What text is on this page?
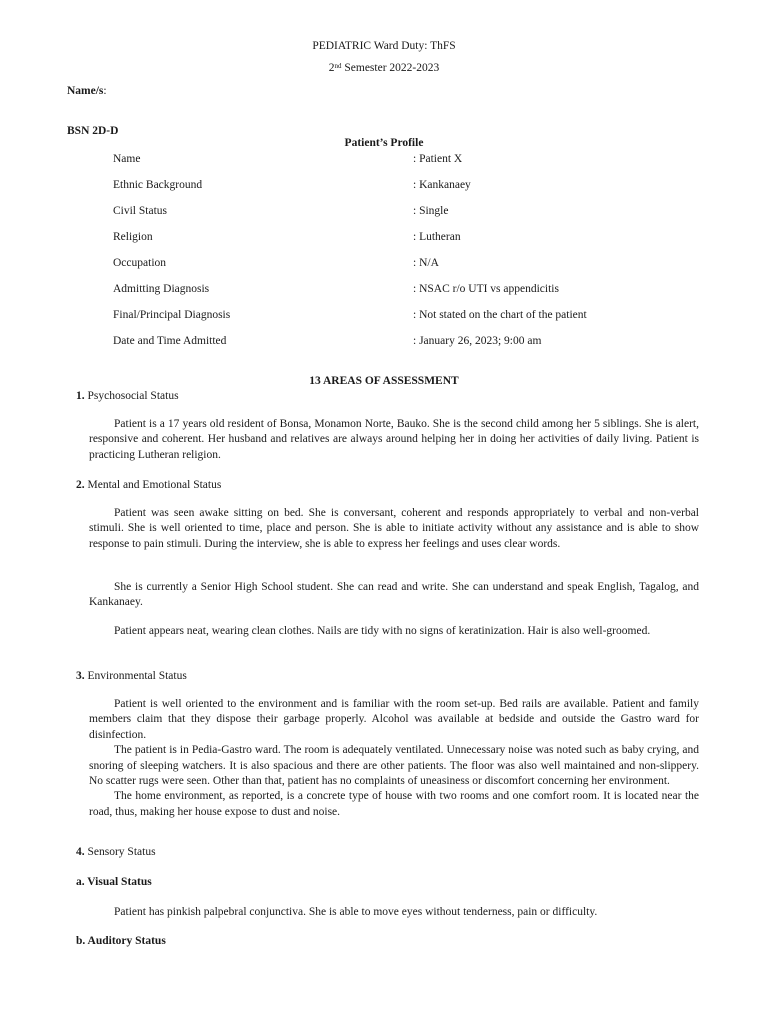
PEDIATRIC Ward Duty: ThFS
2nd Semester 2022-2023
Name/s:
BSN 2D-D
Patient’s Profile
Name	: Patient X
Ethnic Background	: Kankanaey
Civil Status	: Single
Religion	: Lutheran
Occupation	: N/A
Admitting Diagnosis	: NSAC r/o UTI vs appendicitis
Final/Principal Diagnosis	: Not stated on the chart of the patient
Date and Time Admitted	: January 26, 2023; 9:00 am
13 AREAS OF ASSESSMENT
1. Psychosocial Status

Patient is a 17 years old resident of Bonsa, Monamon Norte, Bauko. She is the second child among her 5 siblings. She is alert, responsive and coherent. Her husband and relatives are always around helping her in doing her activities of daily living. Patient is practicing Lutheran religion.

2. Mental and Emotional Status

Patient was seen awake sitting on bed. She is conversant, coherent and responds appropriately to verbal and non-verbal stimuli. She is well oriented to time, place and person. She is able to initiate activity without any assistance and is able to show response to pain stimuli. During the interview, she is able to express her feelings and uses clear words.

She is currently a Senior High School student. She can read and write. She can understand and speak English, Tagalog, and Kankanaey.

Patient appears neat, wearing clean clothes. Nails are tidy with no signs of keratinization. Hair is also well-groomed.

3. Environmental Status

Patient is well oriented to the environment and is familiar with the room set-up. Bed rails are available. Patient and family members claim that they dispose their garbage properly. Alcohol was available at bedside and outside the Gastro ward for disinfection.

The patient is in Pedia-Gastro ward. The room is adequately ventilated. Unnecessary noise was noted such as baby crying, and snoring of sleeping watchers. It is also spacious and there are other patients. The floor was also well maintained and non-slippery. No scatter rugs were seen. Other than that, patient has no complaints of uneasiness or discomfort concerning her environment.

The home environment, as reported, is a concrete type of house with two rooms and one comfort room. It is located near the road, thus, making her house expose to dust and noise.

4. Sensory Status
a. Visual Status

Patient has pinkish palpebral conjunctiva. She is able to move eyes without tenderness, pain or difficulty.

b. Auditory Status
